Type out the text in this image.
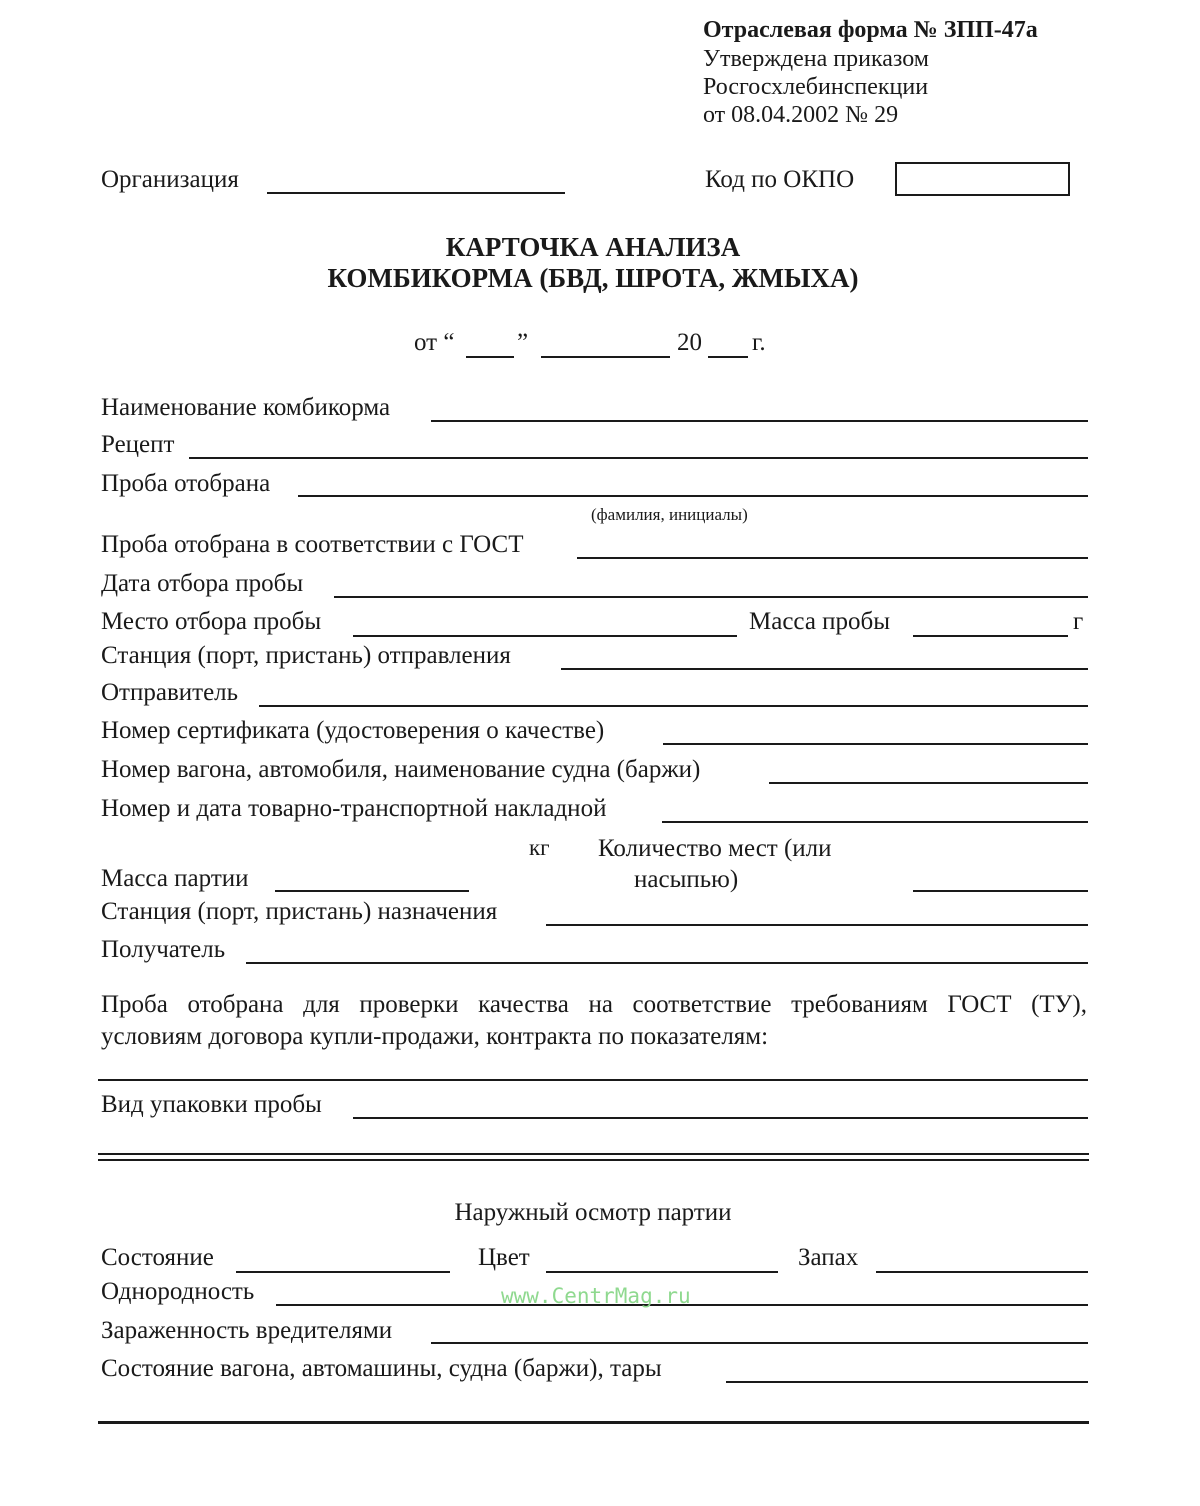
Отраслевая форма № ЗПП-47а
Утверждена приказом
Росгосхлебинспекции
от 08.04.2002 № 29
Организация	Код по ОКПО
КАРТОЧКА АНАЛИЗА
КОМБИКОРМА (БВД, ШРОТА, ЖМЫХА)
от “	”	20 г.
Наименование комбикорма
Рецепт
Проба отобрана
(фамилия, инициалы)
Проба отобрана в соответствии с ГОСТ
Дата отбора пробы
Место отбора пробы	Масса пробы	г
Станция (порт, пристань) отправления
Отправитель
Номер сертификата (удостоверения о качестве)
Номер вагона, автомобиля, наименование судна (баржи)
Номер и дата товарно-транспортной накладной
кг Количество мест (или
насыпью)
Масса партии
Станция (порт, пристань) назначения
Получатель
Проба отобрана для проверки качества на соответствие требованиям ГОСТ (ТУ),
условиям договора купли-продажи, контракта по показателям:
Вид упаковки пробы
Наружный осмотр партии
Состояние	Цвет	Запах
Однородность	www.CentrMag.ru
Зараженность вредителями
Состояние вагона, автомашины, судна (баржи), тары
